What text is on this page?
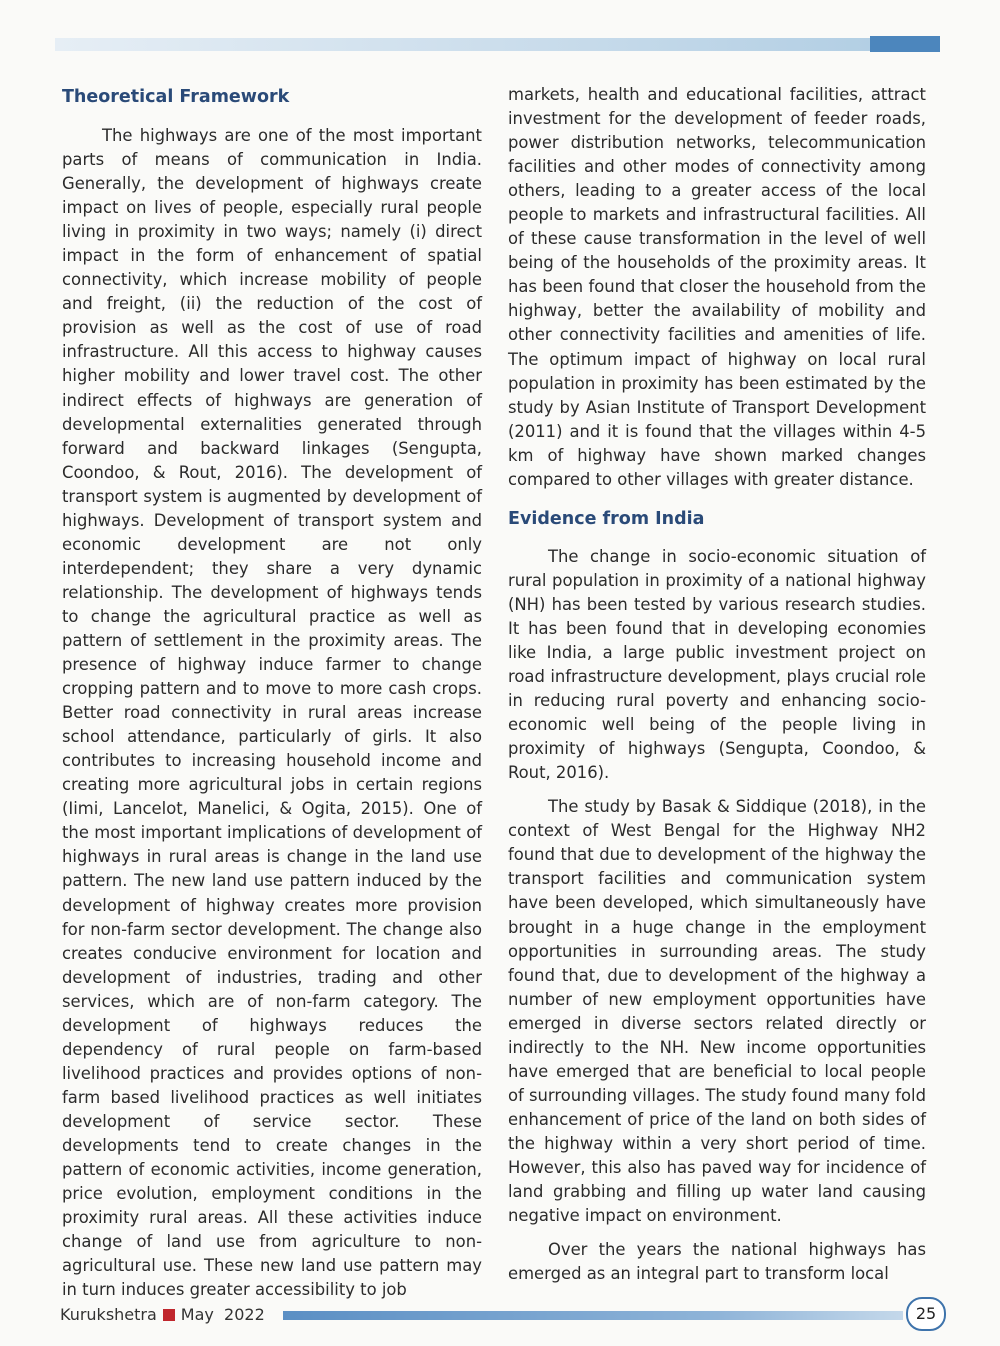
Theoretical Framework

The highways are one of the most important parts of means of communication in India. Generally, the development of highways create impact on lives of people, especially rural people living in proximity in two ways; namely (i) direct impact in the form of enhancement of spatial connectivity, which increase mobility of people and freight, (ii) the reduction of the cost of provision as well as the cost of use of road infrastructure. All this access to highway causes higher mobility and lower travel cost. The other indirect effects of highways are generation of developmental externalities generated through forward and backward linkages (Sengupta, Coondoo, & Rout, 2016). The development of transport system is augmented by development of highways. Development of transport system and economic development are not only interdependent; they share a very dynamic relationship. The development of highways tends to change the agricultural practice as well as pattern of settlement in the proximity areas. The presence of highway induce farmer to change cropping pattern and to move to more cash crops. Better road connectivity in rural areas increase school attendance, particularly of girls. It also contributes to increasing household income and creating more agricultural jobs in certain regions (Iimi, Lancelot, Manelici, & Ogita, 2015). One of the most important implications of development of highways in rural areas is change in the land use pattern. The new land use pattern induced by the development of highway creates more provision for non-farm sector development. The change also creates conducive environment for location and development of industries, trading and other services, which are of non-farm category. The development of highways reduces the dependency of rural people on farm-based livelihood practices and provides options of non-farm based livelihood practices as well initiates development of service sector. These developments tend to create changes in the pattern of economic activities, income generation, price evolution, employment conditions in the proximity rural areas. All these activities induce change of land use from agriculture to non-agricultural use. These new land use pattern may in turn induces greater accessibility to job

markets, health and educational facilities, attract investment for the development of feeder roads, power distribution networks, telecommunication facilities and other modes of connectivity among others, leading to a greater access of the local people to markets and infrastructural facilities. All of these cause transformation in the level of well being of the households of the proximity areas. It has been found that closer the household from the highway, better the availability of mobility and other connectivity facilities and amenities of life. The optimum impact of highway on local rural population in proximity has been estimated by the study by Asian Institute of Transport Development (2011) and it is found that the villages within 4-5 km of highway have shown marked changes compared to other villages with greater distance.

Evidence from India

The change in socio-economic situation of rural population in proximity of a national highway (NH) has been tested by various research studies. It has been found that in developing economies like India, a large public investment project on road infrastructure development, plays crucial role in reducing rural poverty and enhancing socio-economic well being of the people living in proximity of highways (Sengupta, Coondoo, & Rout, 2016).

The study by Basak & Siddique (2018), in the context of West Bengal for the Highway NH2 found that due to development of the highway the transport facilities and communication system have been developed, which simultaneously have brought in a huge change in the employment opportunities in surrounding areas. The study found that, due to development of the highway a number of new employment opportunities have emerged in diverse sectors related directly or indirectly to the NH. New income opportunities have emerged that are beneficial to local people of surrounding villages. The study found many fold enhancement of price of the land on both sides of the highway within a very short period of time. However, this also has paved way for incidence of land grabbing and filling up water land causing negative impact on environment.

Over the years the national highways has emerged as an integral part to transform local

Kurukshetra May  2022	25
